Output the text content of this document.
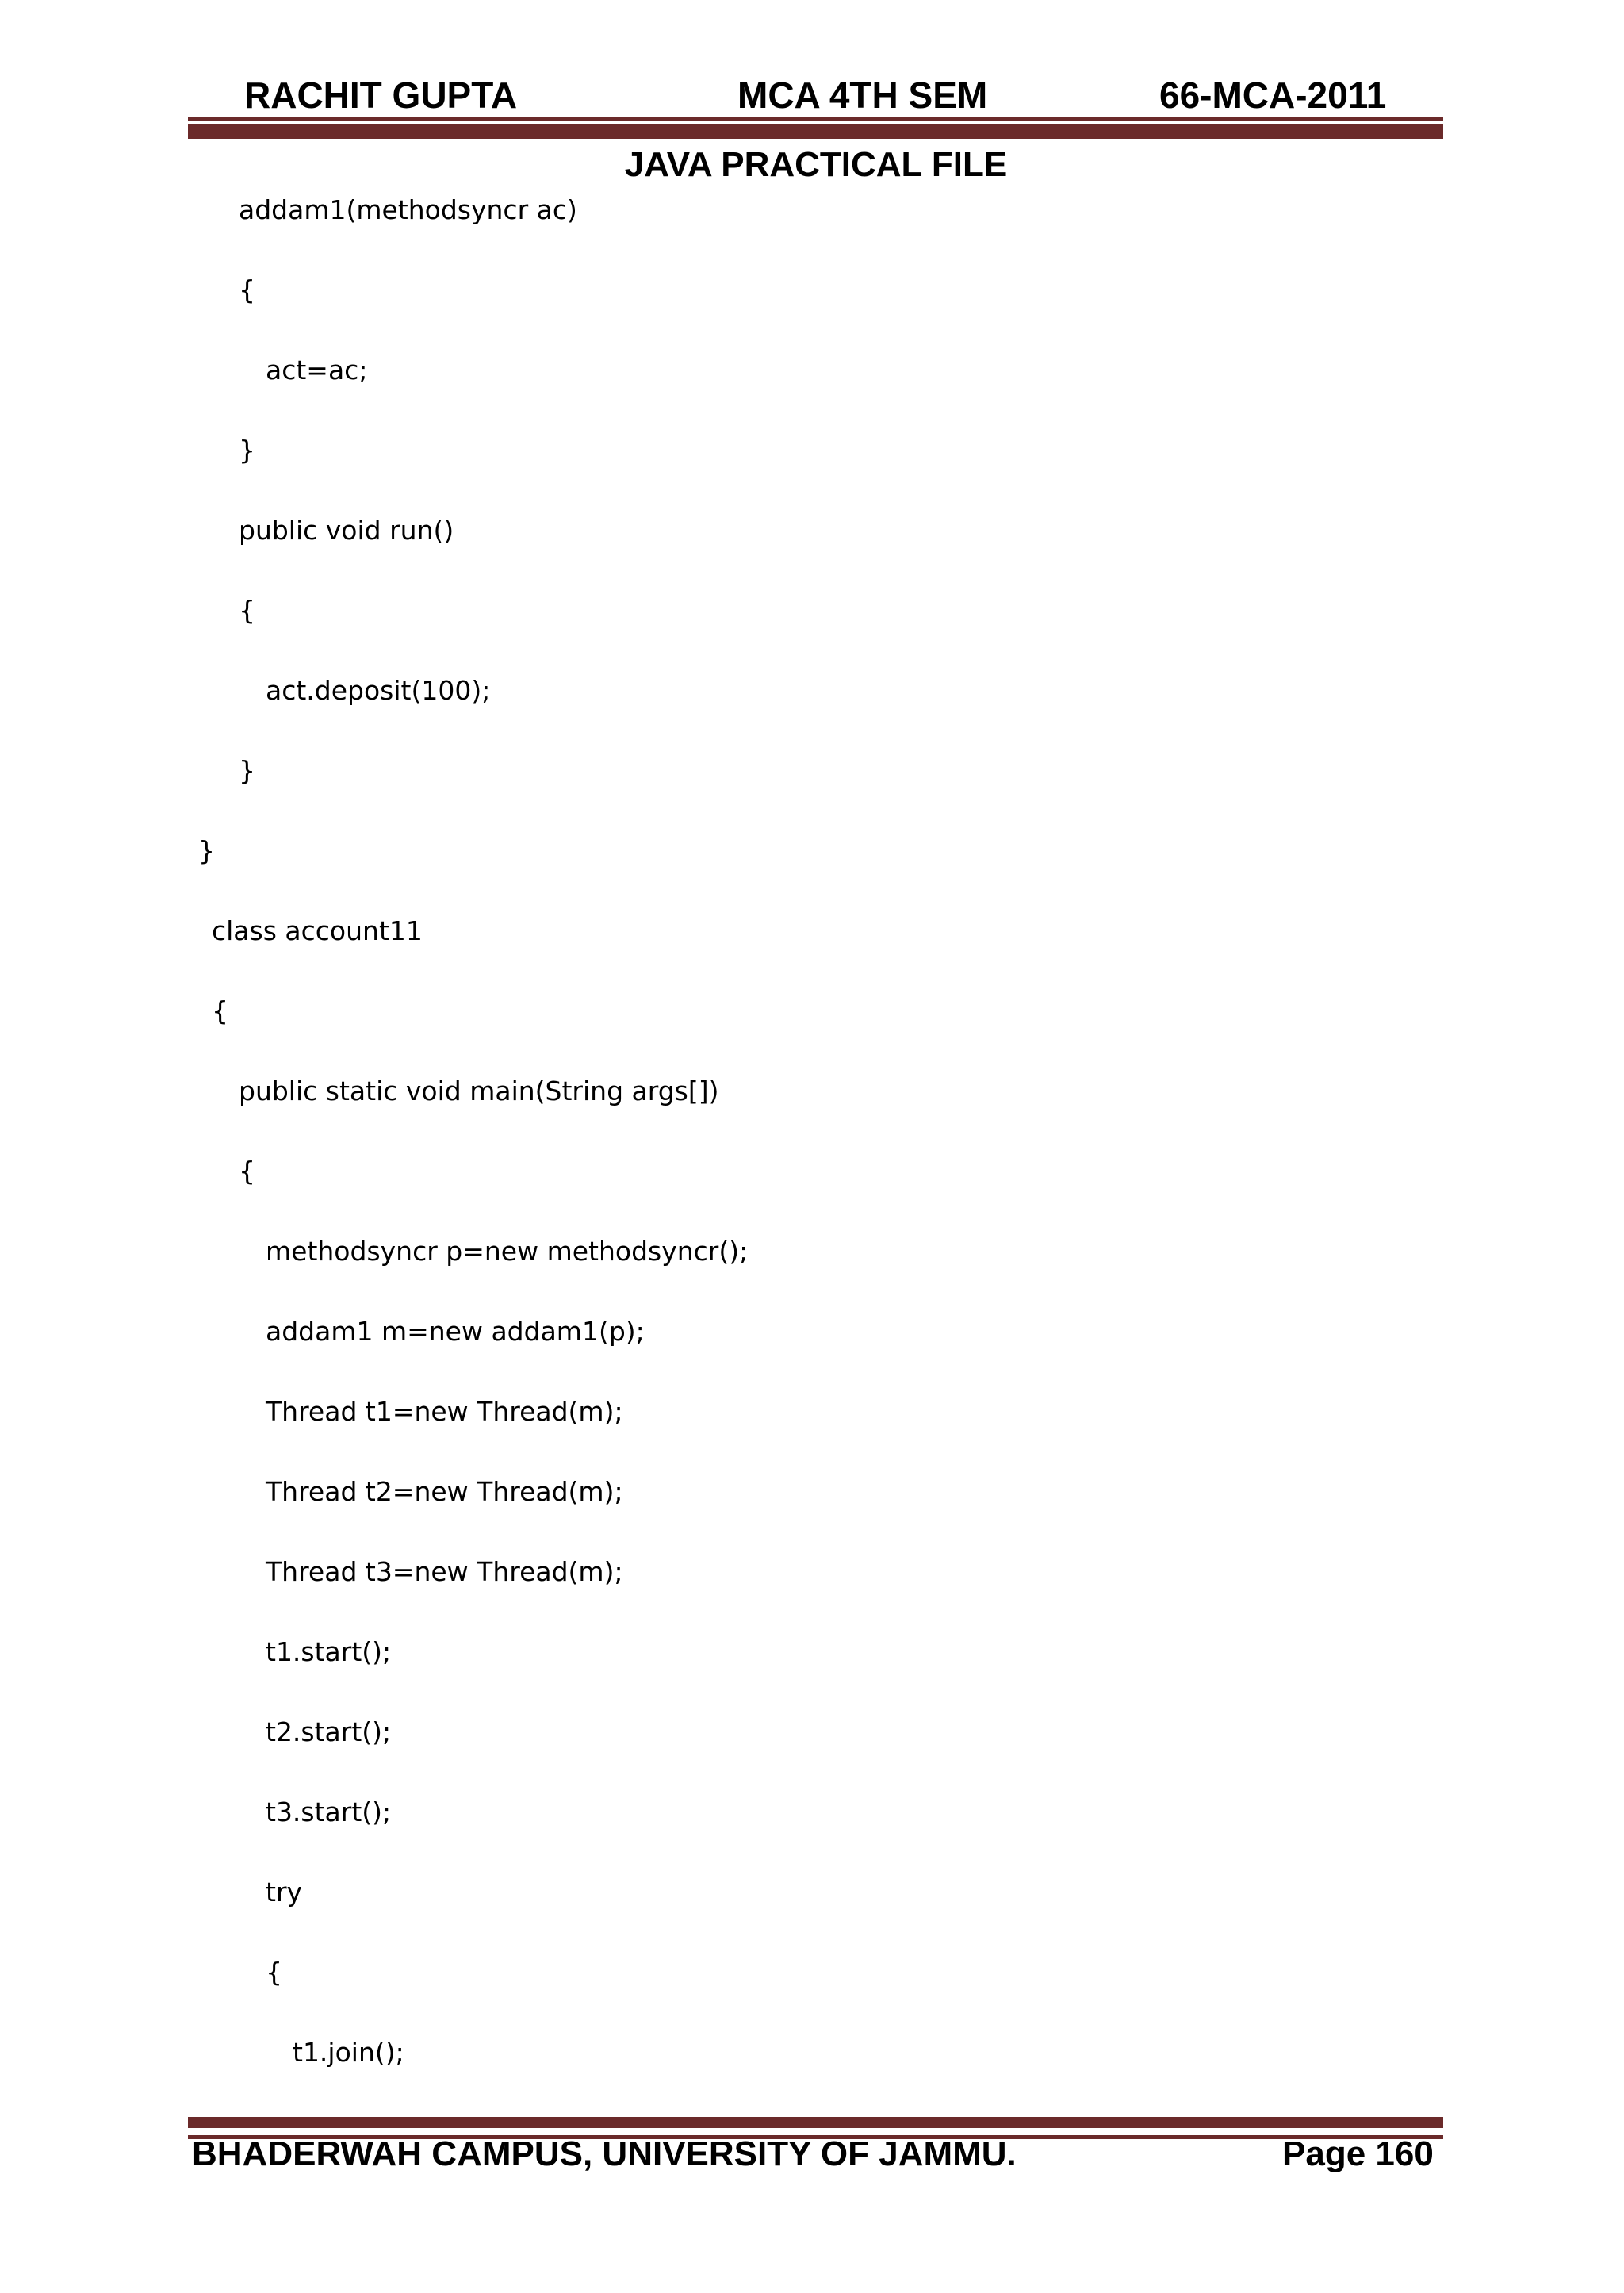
RACHIT GUPTA	MCA 4TH SEM	66-MCA-2011
JAVA PRACTICAL FILE
addam1(methodsyncr ac)
{
act=ac;
}
public void run()
{
act.deposit(100);
}
}
class account11
{
public static void main(String args[])
{
methodsyncr p=new methodsyncr();
addam1 m=new addam1(p);
Thread t1=new Thread(m);
Thread t2=new Thread(m);
Thread t3=new Thread(m);
t1.start();
t2.start();
t3.start();
try
{
t1.join();
BHADERWAH CAMPUS, UNIVERSITY OF JAMMU.	Page 160
